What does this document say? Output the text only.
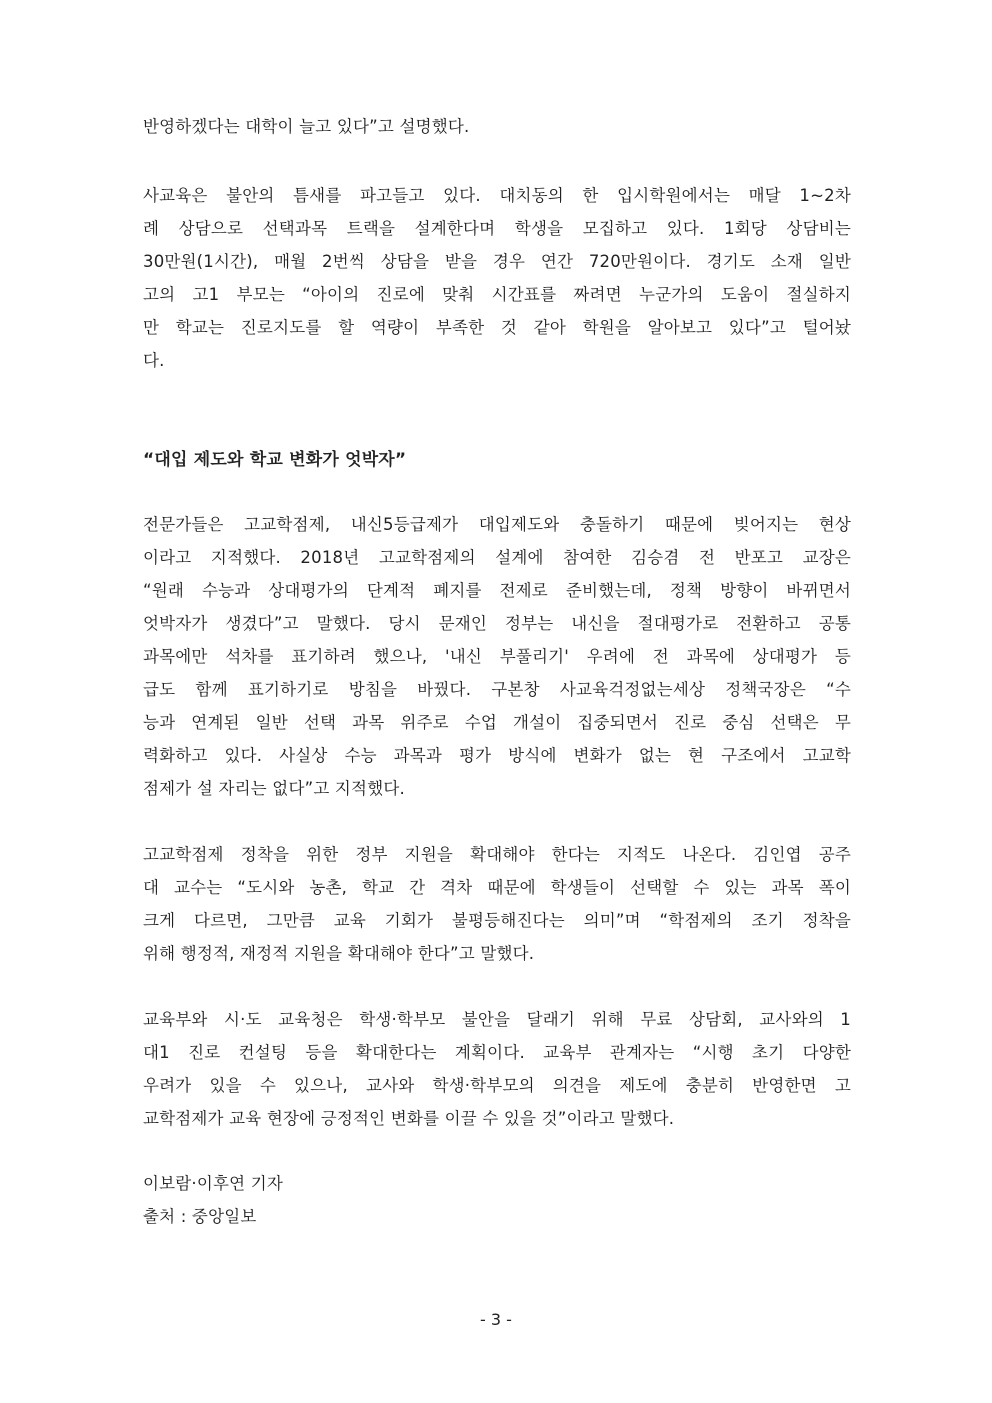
반영하겠다는 대학이 늘고 있다”고 설명했다.
사교육은 불안의 틈새를 파고들고 있다. 대치동의 한 입시학원에서는 매달 1~2차
례 상담으로 선택과목 트랙을 설계한다며 학생을 모집하고 있다. 1회당 상담비는
30만원(1시간), 매월 2번씩 상담을 받을 경우 연간 720만원이다. 경기도 소재 일반
고의 고1 부모는 “아이의 진로에 맞춰 시간표를 짜려면 누군가의 도움이 절실하지
만 학교는 진로지도를 할 역량이 부족한 것 같아 학원을 알아보고 있다”고 털어놨
다.
“대입 제도와 학교 변화가 엇박자”
전문가들은 고교학점제, 내신5등급제가 대입제도와 충돌하기 때문에 빚어지는 현상
이라고 지적했다. 2018년 고교학점제의 설계에 참여한 김승겸 전 반포고 교장은
“원래 수능과 상대평가의 단계적 폐지를 전제로 준비했는데, 정책 방향이 바뀌면서
엇박자가 생겼다”고 말했다. 당시 문재인 정부는 내신을 절대평가로 전환하고 공통
과목에만 석차를 표기하려 했으나, '내신 부풀리기' 우려에 전 과목에 상대평가 등
급도 함께 표기하기로 방침을 바꿨다. 구본창 사교육걱정없는세상 정책국장은 “수
능과 연계된 일반 선택 과목 위주로 수업 개설이 집중되면서 진로 중심 선택은 무
력화하고 있다. 사실상 수능 과목과 평가 방식에 변화가 없는 현 구조에서 고교학
점제가 설 자리는 없다”고 지적했다.
고교학점제 정착을 위한 정부 지원을 확대해야 한다는 지적도 나온다. 김인엽 공주
대 교수는 “도시와 농촌, 학교 간 격차 때문에 학생들이 선택할 수 있는 과목 폭이
크게 다르면, 그만큼 교육 기회가 불평등해진다는 의미”며 “학점제의 조기 정착을
위해 행정적, 재정적 지원을 확대해야 한다”고 말했다.
교육부와 시·도 교육청은 학생·학부모 불안을 달래기 위해 무료 상담회, 교사와의 1
대1 진로 컨설팅 등을 확대한다는 계획이다. 교육부 관계자는 “시행 초기 다양한
우려가 있을 수 있으나, 교사와 학생·학부모의 의견을 제도에 충분히 반영한면 고
교학점제가 교육 현장에 긍정적인 변화를 이끌 수 있을 것”이라고 말했다.
이보람·이후연 기자
출처 : 중앙일보
- 3 -
